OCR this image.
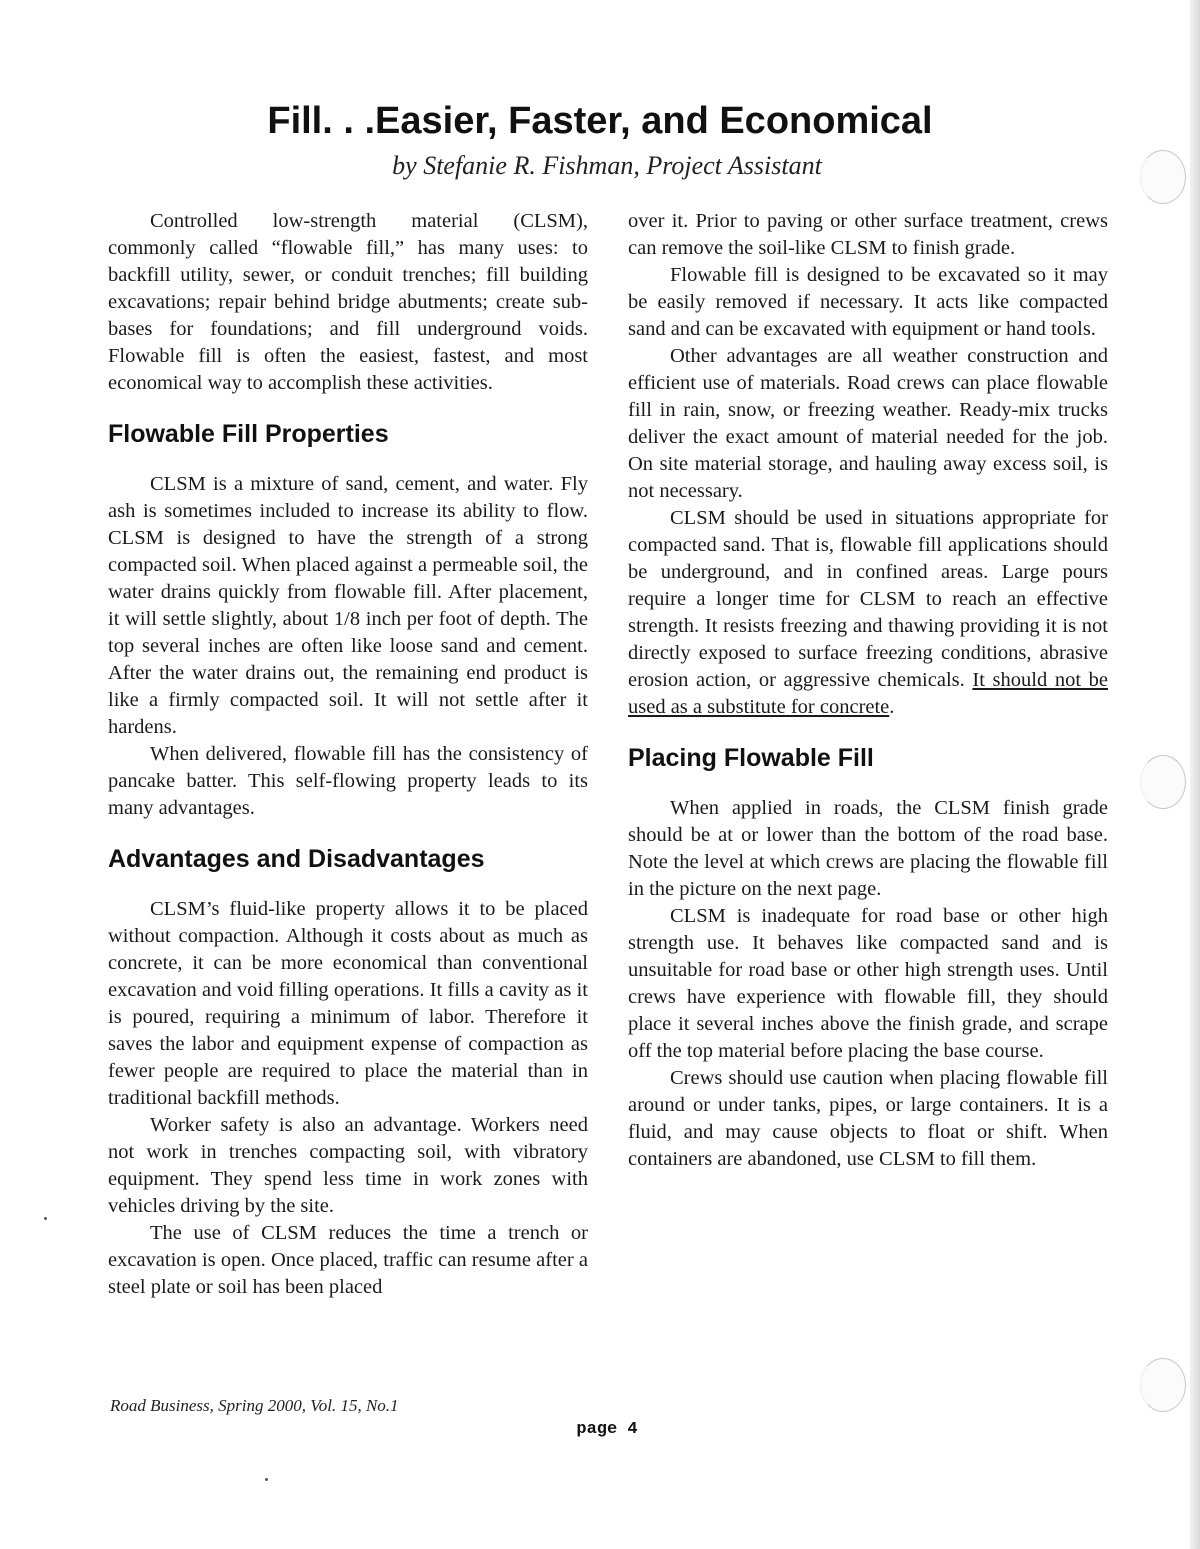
Fill. . .Easier, Faster, and Economical

by Stefanie R. Fishman, Project Assistant

Controlled low-strength material (CLSM), commonly called “flowable fill,” has many uses: to backfill utility, sewer, or conduit trenches; fill building excavations; repair behind bridge abutments; create sub-bases for foundations; and fill underground voids. Flowable fill is often the easiest, fastest, and most economical way to accomplish these activities.

Flowable Fill Properties

CLSM is a mixture of sand, cement, and water. Fly ash is sometimes included to increase its ability to flow. CLSM is designed to have the strength of a strong compacted soil. When placed against a permeable soil, the water drains quickly from flowable fill. After placement, it will settle slightly, about 1/8 inch per foot of depth. The top several inches are often like loose sand and cement. After the water drains out, the remaining end product is like a firmly compacted soil. It will not settle after it hardens.

When delivered, flowable fill has the consistency of pancake batter. This self-flowing property leads to its many advantages.

Advantages and Disadvantages

CLSM’s fluid-like property allows it to be placed without compaction. Although it costs about as much as concrete, it can be more economical than conventional excavation and void filling operations. It fills a cavity as it is poured, requiring a minimum of labor. Therefore it saves the labor and equipment expense of compaction as fewer people are required to place the material than in traditional backfill methods.

Worker safety is also an advantage. Workers need not work in trenches compacting soil, with vibratory equipment. They spend less time in work zones with vehicles driving by the site.

The use of CLSM reduces the time a trench or excavation is open. Once placed, traffic can resume after a steel plate or soil has been placed

over it. Prior to paving or other surface treatment, crews can remove the soil-like CLSM to finish grade.

Flowable fill is designed to be excavated so it may be easily removed if necessary. It acts like compacted sand and can be excavated with equipment or hand tools.

Other advantages are all weather construction and efficient use of materials. Road crews can place flowable fill in rain, snow, or freezing weather. Ready-mix trucks deliver the exact amount of material needed for the job. On site material storage, and hauling away excess soil, is not necessary.

CLSM should be used in situations appropriate for compacted sand. That is, flowable fill applications should be underground, and in confined areas. Large pours require a longer time for CLSM to reach an effective strength. It resists freezing and thawing providing it is not directly exposed to surface freezing conditions, abrasive erosion action, or aggressive chemicals. It should not be used as a substitute for concrete.

Placing Flowable Fill

When applied in roads, the CLSM finish grade should be at or lower than the bottom of the road base. Note the level at which crews are placing the flowable fill in the picture on the next page.

CLSM is inadequate for road base or other high strength use. It behaves like compacted sand and is unsuitable for road base or other high strength uses. Until crews have experience with flowable fill, they should place it several inches above the finish grade, and scrape off the top material before placing the base course.

Crews should use caution when placing flowable fill around or under tanks, pipes, or large containers. It is a fluid, and may cause objects to float or shift. When containers are abandoned, use CLSM to fill them.

Road Business, Spring 2000, Vol. 15, No.1

page 4
